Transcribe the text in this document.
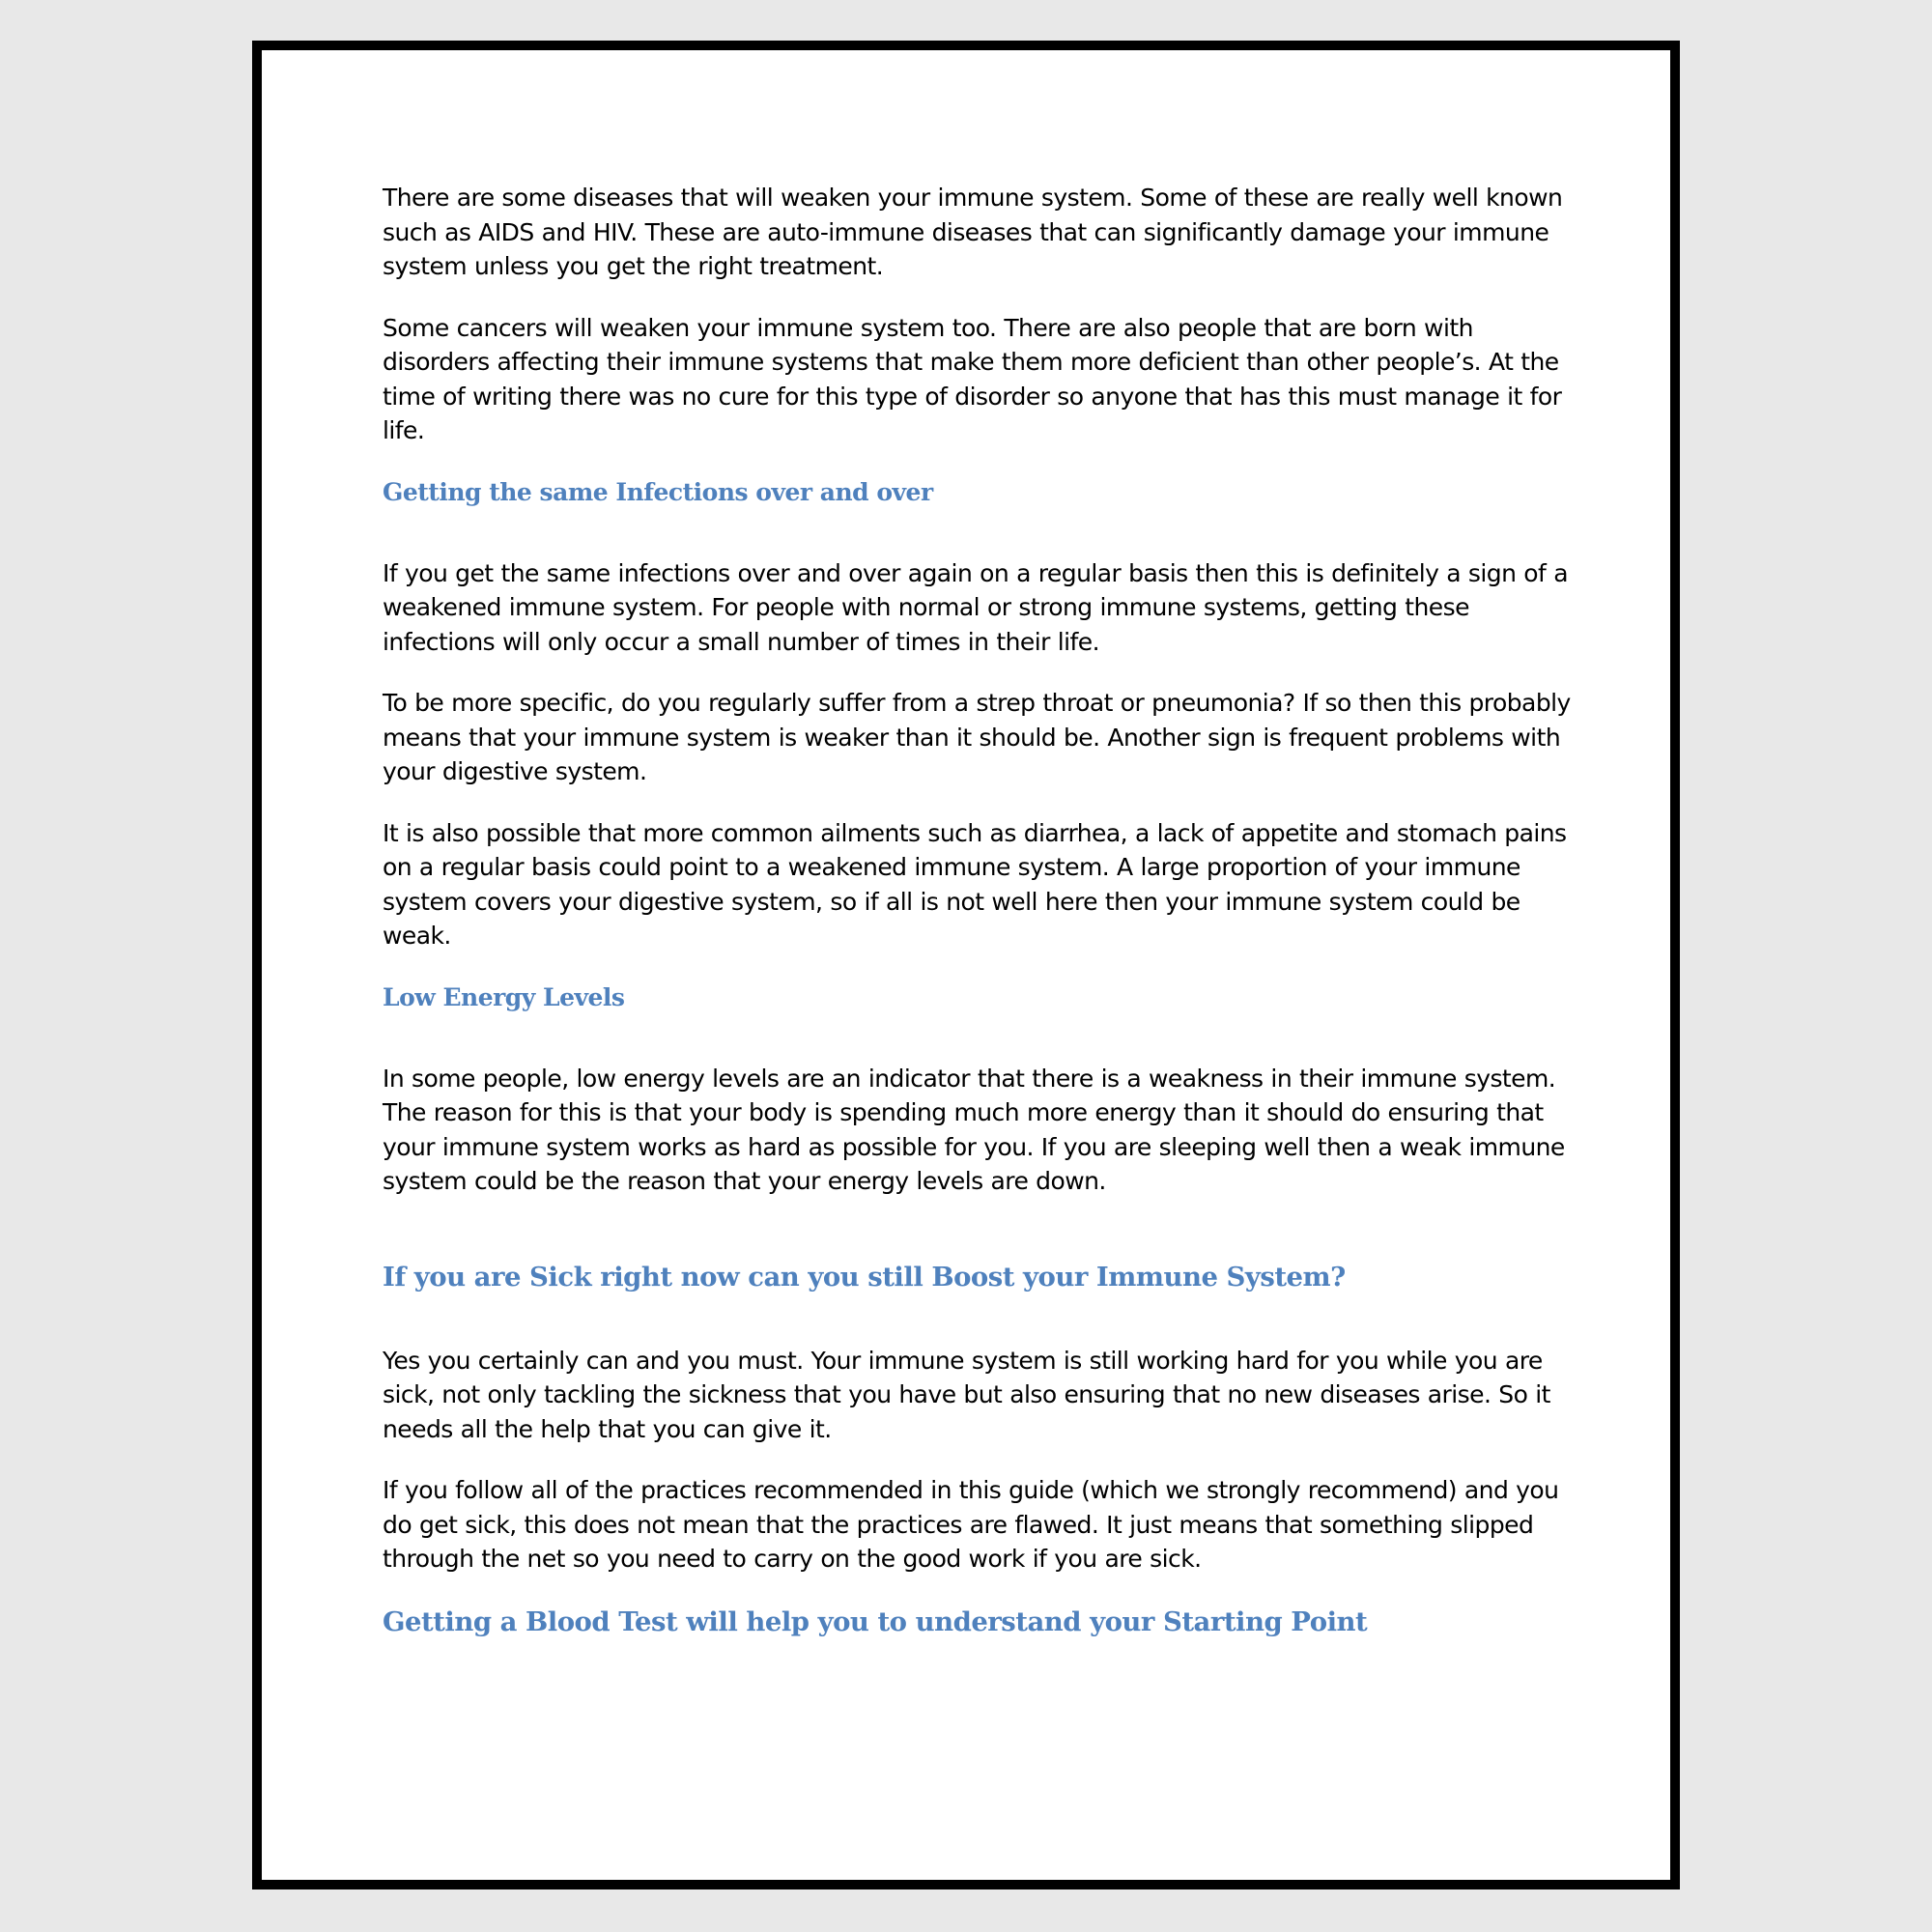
There are some diseases that will weaken your immune system. Some of these are really well known such as AIDS and HIV. These are auto-immune diseases that can significantly damage your immune system unless you get the right treatment.

Some cancers will weaken your immune system too. There are also people that are born with disorders affecting their immune systems that make them more deficient than other people’s. At the time of writing there was no cure for this type of disorder so anyone that has this must manage it for life.

Getting the same Infections over and over

If you get the same infections over and over again on a regular basis then this is definitely a sign of a weakened immune system. For people with normal or strong immune systems, getting these infections will only occur a small number of times in their life.

To be more specific, do you regularly suffer from a strep throat or pneumonia? If so then this probably means that your immune system is weaker than it should be. Another sign is frequent problems with your digestive system.

It is also possible that more common ailments such as diarrhea, a lack of appetite and stomach pains on a regular basis could point to a weakened immune system. A large proportion of your immune system covers your digestive system, so if all is not well here then your immune system could be weak.

Low Energy Levels

In some people, low energy levels are an indicator that there is a weakness in their immune system. The reason for this is that your body is spending much more energy than it should do ensuring that your immune system works as hard as possible for you. If you are sleeping well then a weak immune system could be the reason that your energy levels are down.

If you are Sick right now can you still Boost your Immune System?

Yes you certainly can and you must. Your immune system is still working hard for you while you are sick, not only tackling the sickness that you have but also ensuring that no new diseases arise. So it needs all the help that you can give it.

If you follow all of the practices recommended in this guide (which we strongly recommend) and you do get sick, this does not mean that the practices are flawed. It just means that something slipped through the net so you need to carry on the good work if you are sick.

Getting a Blood Test will help you to understand your Starting Point
